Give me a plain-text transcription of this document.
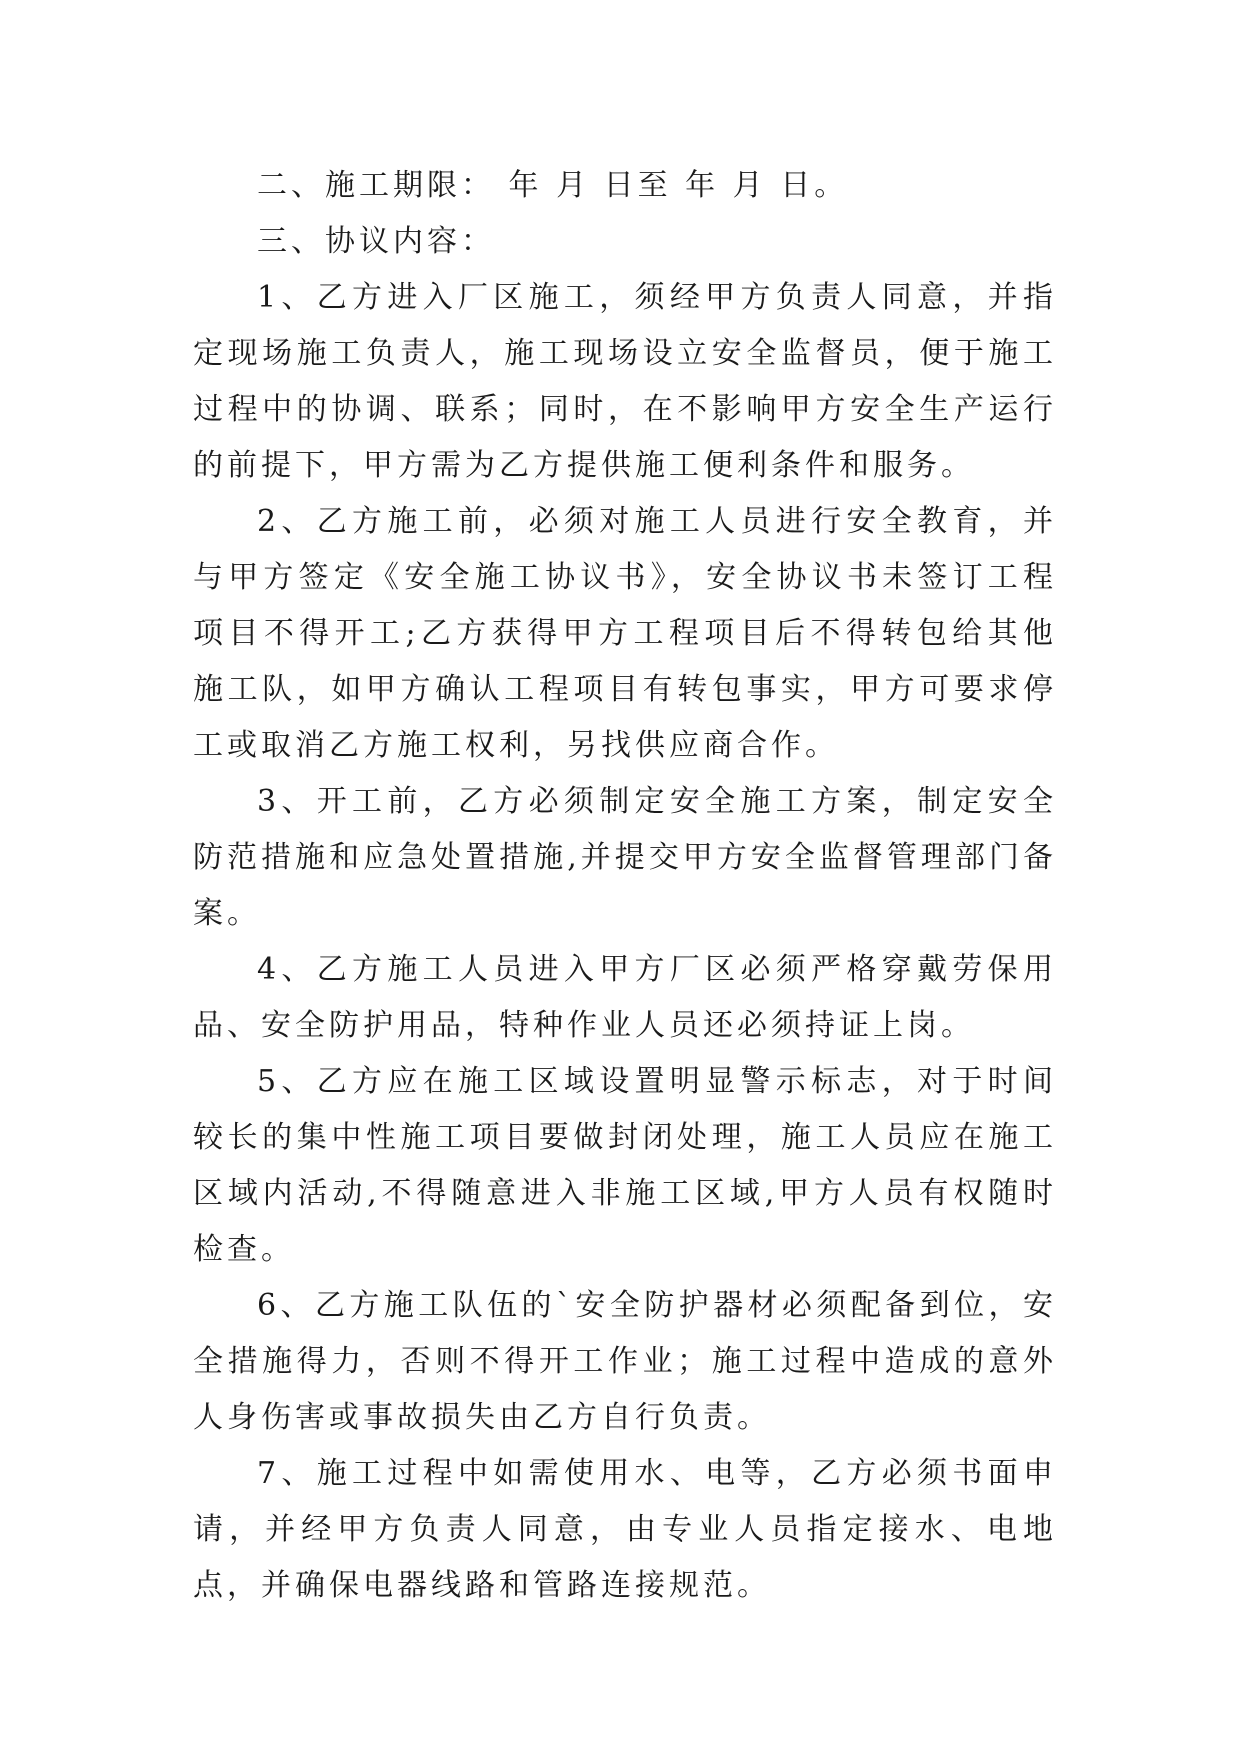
二、施工期限： 年 月 日至 年 月 日。

三、协议内容：

1、乙方进入厂区施工，须经甲方负责人同意，并指定现场施工负责人，施工现场设立安全监督员，便于施工过程中的协调、联系；同时，在不影响甲方安全生产运行的前提下，甲方需为乙方提供施工便利条件和服务。

2、乙方施工前，必须对施工人员进行安全教育，并与甲方签定《安全施工协议书》，安全协议书未签订工程项目不得开工;乙方获得甲方工程项目后不得转包给其他施工队，如甲方确认工程项目有转包事实，甲方可要求停工或取消乙方施工权利，另找供应商合作。

3、开工前，乙方必须制定安全施工方案，制定安全防范措施和应急处置措施,并提交甲方安全监督管理部门备案。

4、乙方施工人员进入甲方厂区必须严格穿戴劳保用品、安全防护用品，特种作业人员还必须持证上岗。

5、乙方应在施工区域设置明显警示标志，对于时间较长的集中性施工项目要做封闭处理，施工人员应在施工区域内活动,不得随意进入非施工区域,甲方人员有权随时检查。

6、乙方施工队伍的`安全防护器材必须配备到位，安全措施得力，否则不得开工作业；施工过程中造成的意外人身伤害或事故损失由乙方自行负责。

7、施工过程中如需使用水、电等，乙方必须书面申请，并经甲方负责人同意，由专业人员指定接水、电地点，并确保电器线路和管路连接规范。
